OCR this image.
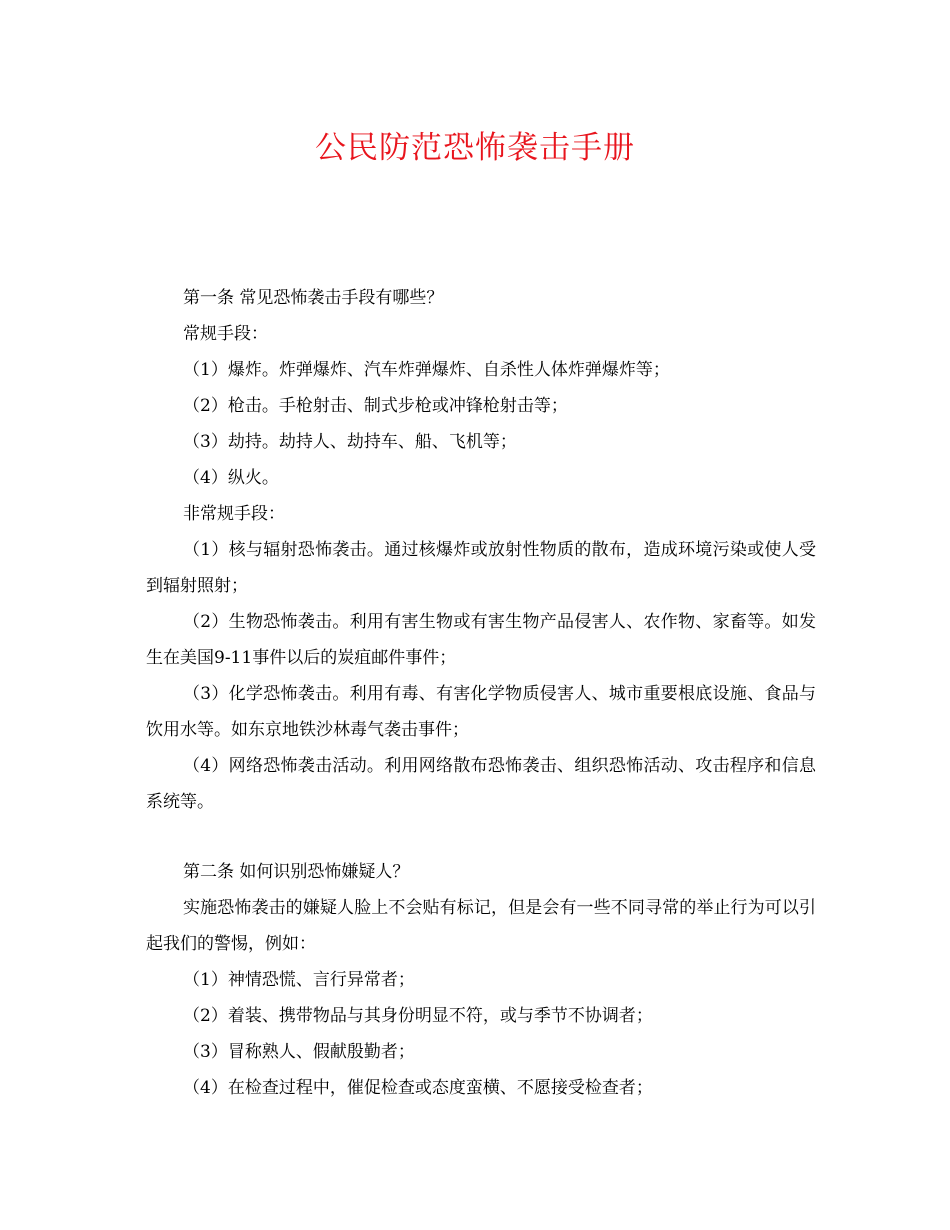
公民防范恐怖袭击手册

第一条 常见恐怖袭击手段有哪些？

常规手段：

（1）爆炸。炸弹爆炸、汽车炸弹爆炸、自杀性人体炸弹爆炸等；

（2）枪击。手枪射击、制式步枪或冲锋枪射击等；

（3）劫持。劫持人、劫持车、船、飞机等；

（4）纵火。

非常规手段：

（1）核与辐射恐怖袭击。通过核爆炸或放射性物质的散布，造成环境污染或使人受到辐射照射；

（2）生物恐怖袭击。利用有害生物或有害生物产品侵害人、农作物、家畜等。如发生在美国9-11事件以后的炭疽邮件事件；

（3）化学恐怖袭击。利用有毒、有害化学物质侵害人、城市重要根底设施、食品与饮用水等。如东京地铁沙林毒气袭击事件；

（4）网络恐怖袭击活动。利用网络散布恐怖袭击、组织恐怖活动、攻击程序和信息系统等。

第二条 如何识别恐怖嫌疑人？

实施恐怖袭击的嫌疑人脸上不会贴有标记，但是会有一些不同寻常的举止行为可以引起我们的警惕，例如：

（1）神情恐慌、言行异常者；

（2）着装、携带物品与其身份明显不符，或与季节不协调者；

（3）冒称熟人、假献殷勤者；

（4）在检查过程中，催促检查或态度蛮横、不愿接受检查者；
